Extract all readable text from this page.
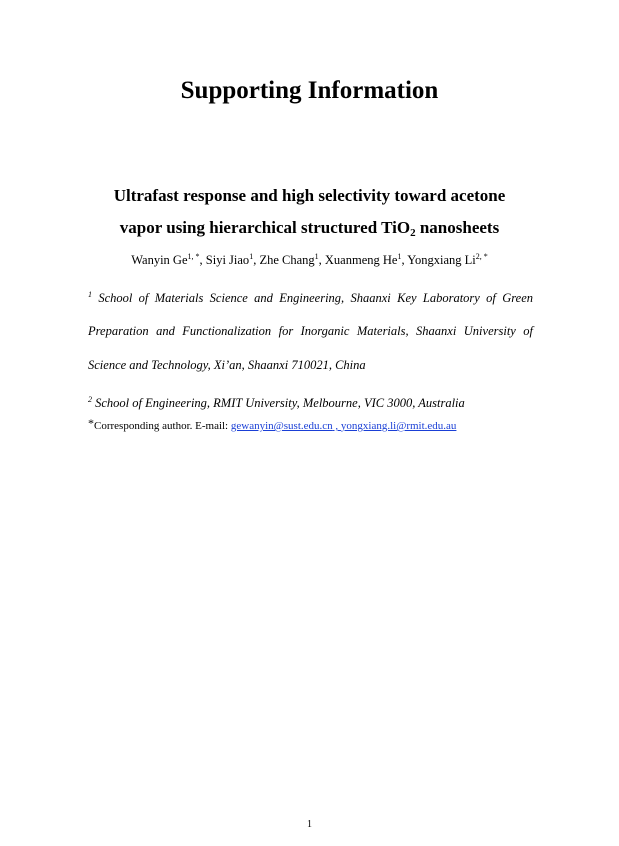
Supporting Information
Ultrafast response and high selectivity toward acetone
vapor using hierarchical structured TiO$_2$ nanosheets
Wanyin $Ge^{1, *}$, Siyi Jiao$^1$, Zhe Chang$^1$, Xuanmeng He$^1$, Yongxiang $Li^{2, *}$
$^1$ School of Materials Science and Engineering, Shaanxi Key Laboratory of Green
Preparation and Functionalization for Inorganic Materials, Shaanxi University of
Science and Technology, Xi’an, Shaanxi 710021, China
$^2$ School of Engineering, RMIT University, Melbourne, VIC 3000, Australia
*Corresponding author. E-mail: gewanyin@sust.edu.cn , yongxiang.li@rmit.edu.au
1
